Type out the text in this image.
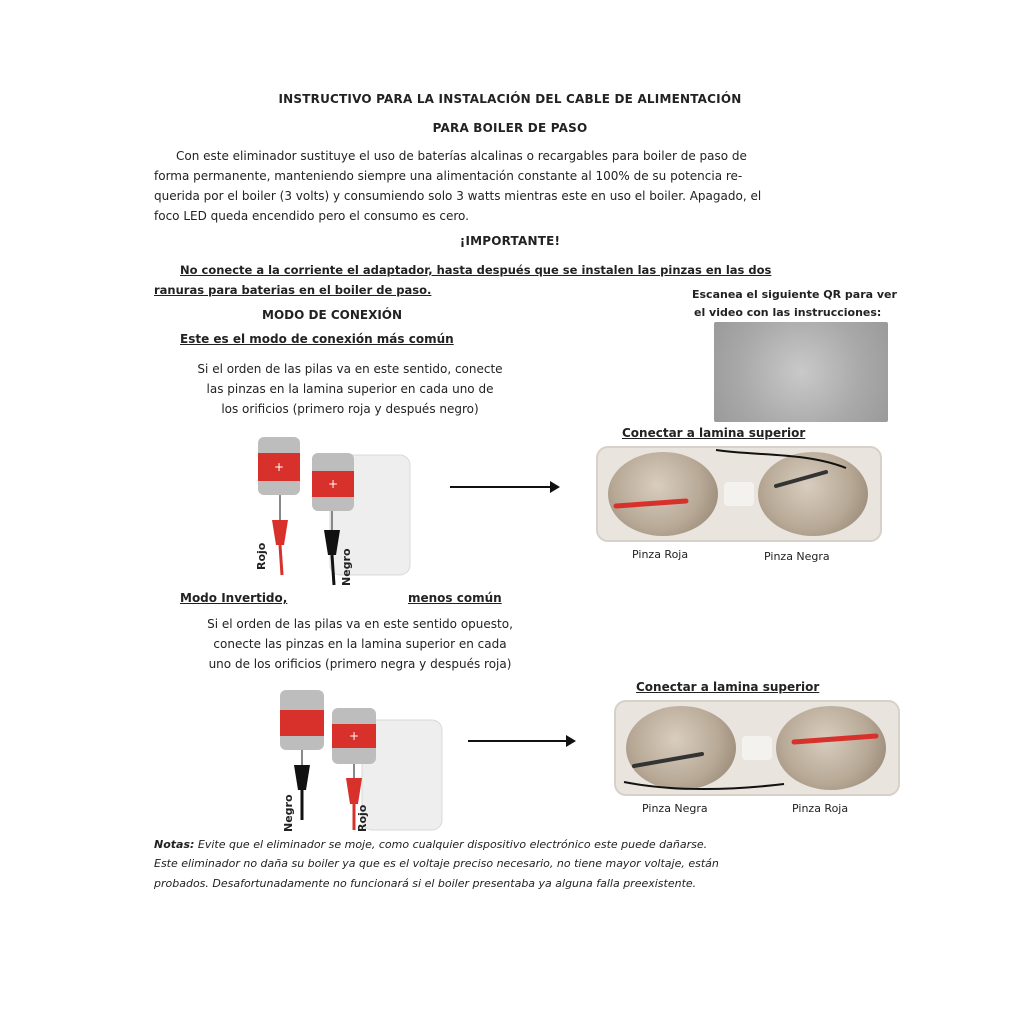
INSTRUCTIVO PARA LA INSTALACIÓN DEL CABLE DE ALIMENTACIÓN
PARA BOILER DE PASO
Con este eliminador sustituye el uso de baterías alcalinas o recargables para boiler de paso de
forma permanente, manteniendo siempre una alimentación constante al 100% de su potencia re-
querida por el boiler (3 volts) y consumiendo solo 3 watts mientras este en uso el boiler. Apagado, el
foco LED queda encendido pero el consumo es cero.
¡IMPORTANTE!
No conecte a la corriente el adaptador, hasta después que se instalen las pinzas en las dos
ranuras para baterias en el boiler de paso.	Escanea el siguiente QR para ver
el video con las instrucciones:
MODO DE CONEXIÓN
Este es el modo de conexión más común
Si el orden de las pilas va en este sentido, conecte
las pinzas en la lamina superior en cada uno de
los orificios (primero roja y después negro)
+
+
Rojo	Negro
Conectar a lamina superior
Pinza Roja	Pinza Negra
Modo Invertido,	menos común
Si el orden de las pilas va en este sentido opuesto,
conecte las pinzas en la lamina superior en cada
uno de los orificios (primero negra y después roja)
+
Negro	Rojo
Conectar a lamina superior
Pinza Negra	Pinza Roja
Notas: Evite que el eliminador se moje, como cualquier dispositivo electrónico este puede dañarse.
Este eliminador no daña su boiler ya que es el voltaje preciso necesario, no tiene mayor voltaje, están
probados. Desafortunadamente no funcionará si el boiler presentaba ya alguna falla preexistente.
